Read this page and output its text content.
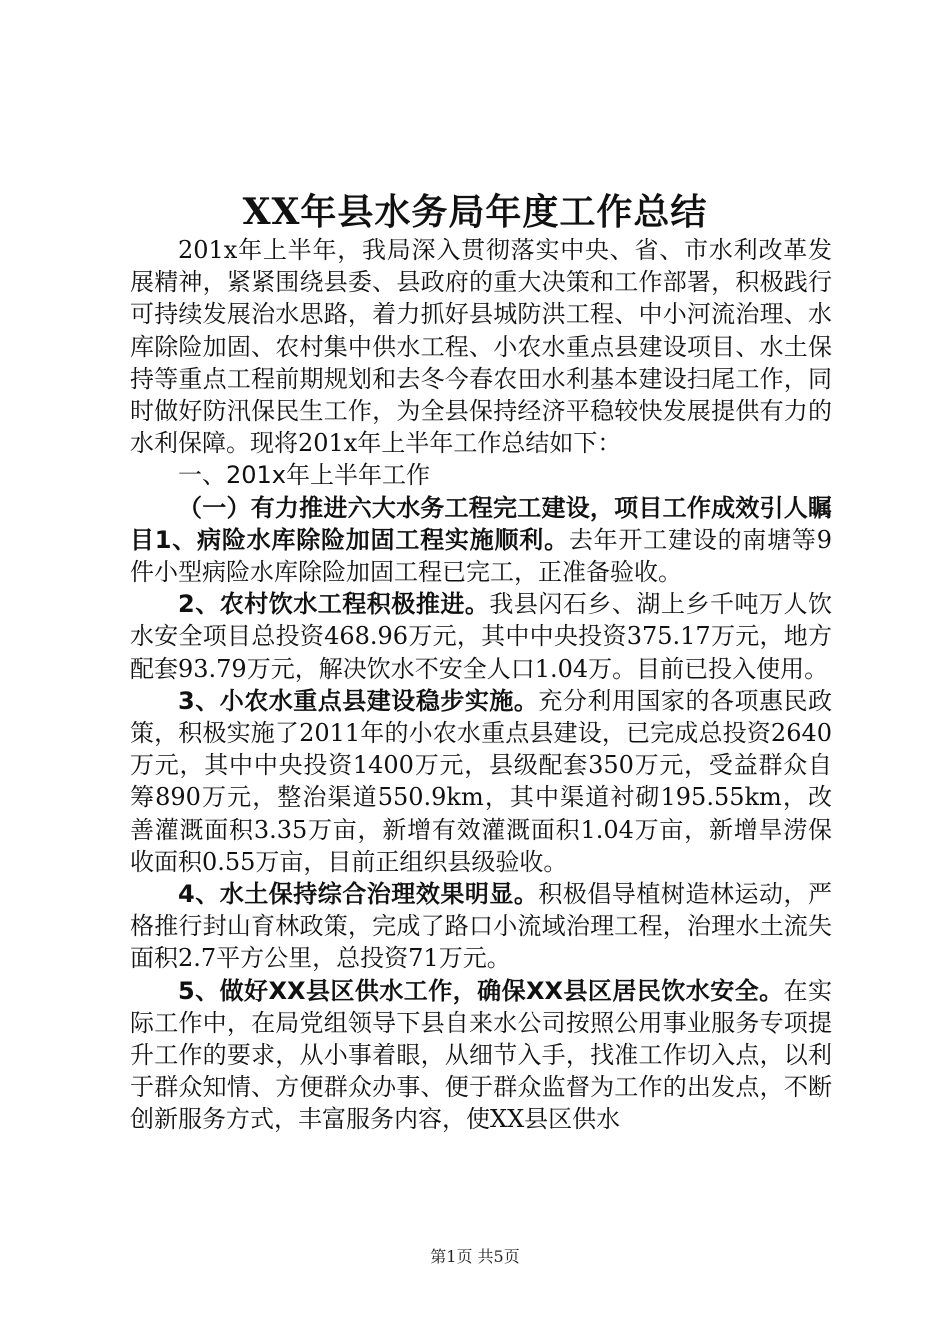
XX年县水务局年度工作总结

201x年上半年，我局深入贯彻落实中央、省、市水利改革发展精神，紧紧围绕县委、县政府的重大决策和工作部署，积极践行可持续发展治水思路，着力抓好县城防洪工程、中小河流治理、水库除险加固、农村集中供水工程、小农水重点县建设项目、水土保持等重点工程前期规划和去冬今春农田水利基本建设扫尾工作，同时做好防汛保民生工作，为全县保持经济平稳较快发展提供有力的水利保障。现将201x年上半年工作总结如下：

一、201x年上半年工作

（一）有力推进六大水务工程完工建设，项目工作成效引人瞩目1、病险水库除险加固工程实施顺利。去年开工建设的南塘等9件小型病险水库除险加固工程已完工，正准备验收。

2、农村饮水工程积极推进。我县闪石乡、湖上乡千吨万人饮水安全项目总投资468.96万元，其中中央投资375.17万元，地方配套93.79万元，解决饮水不安全人口1.04万。目前已投入使用。

3、小农水重点县建设稳步实施。充分利用国家的各项惠民政策，积极实施了2011年的小农水重点县建设，已完成总投资2640万元，其中中央投资1400万元，县级配套350万元，受益群众自筹890万元，整治渠道550.9km，其中渠道衬砌195.55km，改善灌溉面积3.35万亩，新增有效灌溉面积1.04万亩，新增旱涝保收面积0.55万亩，目前正组织县级验收。

4、水土保持综合治理效果明显。积极倡导植树造林运动，严格推行封山育林政策，完成了路口小流域治理工程，治理水土流失面积2.7平方公里，总投资71万元。

5、做好XX县区供水工作，确保XX县区居民饮水安全。在实际工作中，在局党组领导下县自来水公司按照公用事业服务专项提升工作的要求，从小事着眼，从细节入手，找准工作切入点，以利于群众知情、方便群众办事、便于群众监督为工作的出发点，不断创新服务方式，丰富服务内容，使XX县区供水

第1页 共5页
